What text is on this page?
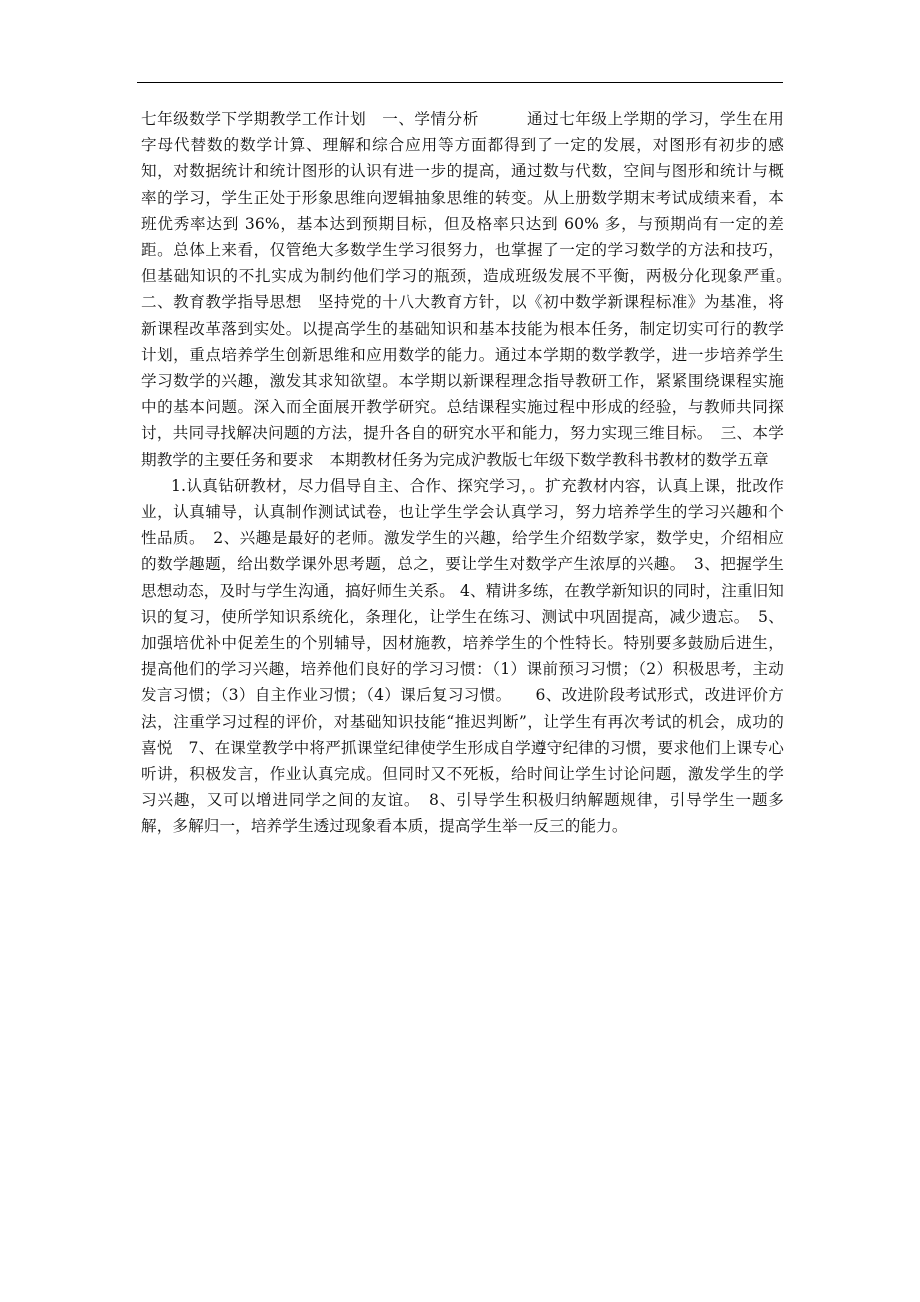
七年级数学下学期教学工作计划　一、学情分析　　　通过七年级上学期的学习，学生在用字母代替数的数学计算、理解和综合应用等方面都得到了一定的发展，对图形有初步的感知，对数据统计和统计图形的认识有进一步的提高，通过数与代数，空间与图形和统计与概率的学习，学生正处于形象思维向逻辑抽象思维的转变。从上册数学期末考试成绩来看，本班优秀率达到 36%，基本达到预期目标，但及格率只达到 60% 多，与预期尚有一定的差距。总体上来看，仅管绝大多数学生学习很努力，也掌握了一定的学习数学的方法和技巧，但基础知识的不扎实成为制约他们学习的瓶颈，造成班级发展不平衡，两极分化现象严重。　二、教育教学指导思想　坚持党的十八大教育方针，以《初中数学新课程标准》为基准，将新课程改革落到实处。以提高学生的基础知识和基本技能为根本任务，制定切实可行的教学计划，重点培养学生创新思维和应用数学的能力。通过本学期的数学教学，进一步培养学生学习数学的兴趣，激发其求知欲望。本学期以新课程理念指导教研工作，紧紧围绕课程实施中的基本问题。深入而全面展开教学研究。总结课程实施过程中形成的经验，与教师共同探讨，共同寻找解决问题的方法，提升各自的研究水平和能力，努力实现三维目标。　三、本学期教学的主要任务和要求　本期教材任务为完成沪教版七年级下数学教科书教材的数学五章

1.认真钻研教材，尽力倡导自主、合作、探究学习，。扩充教材内容，认真上课，批改作业，认真辅导，认真制作测试试卷，也让学生学会认真学习，努力培养学生的学习兴趣和个性品质。　2、兴趣是最好的老师。激发学生的兴趣，给学生介绍数学家，数学史，介绍相应的数学趣题，给出数学课外思考题，总之，要让学生对数学产生浓厚的兴趣。　3、把握学生思想动态，及时与学生沟通，搞好师生关系。 4、精讲多练，在教学新知识的同时，注重旧知识的复习，使所学知识系统化，条理化，让学生在练习、测试中巩固提高，减少遗忘。　5、加强培优补中促差生的个别辅导，因材施教，培养学生的个性特长。特别要多鼓励后进生，提高他们的学习兴趣，培养他们良好的学习习惯：（1）课前预习习惯；（2）积极思考，主动发言习惯；（3）自主作业习惯；（4）课后复习习惯。　　6、改进阶段考试形式，改进评价方法，注重学习过程的评价，对基础知识技能“推迟判断”，让学生有再次考试的机会，成功的喜悦　7、在课堂教学中将严抓课堂纪律使学生形成自学遵守纪律的习惯，要求他们上课专心听讲，积极发言，作业认真完成。但同时又不死板，给时间让学生讨论问题，激发学生的学习兴趣，又可以增进同学之间的友谊。　8、引导学生积极归纳解题规律，引导学生一题多解，多解归一，培养学生透过现象看本质，提高学生举一反三的能力。
